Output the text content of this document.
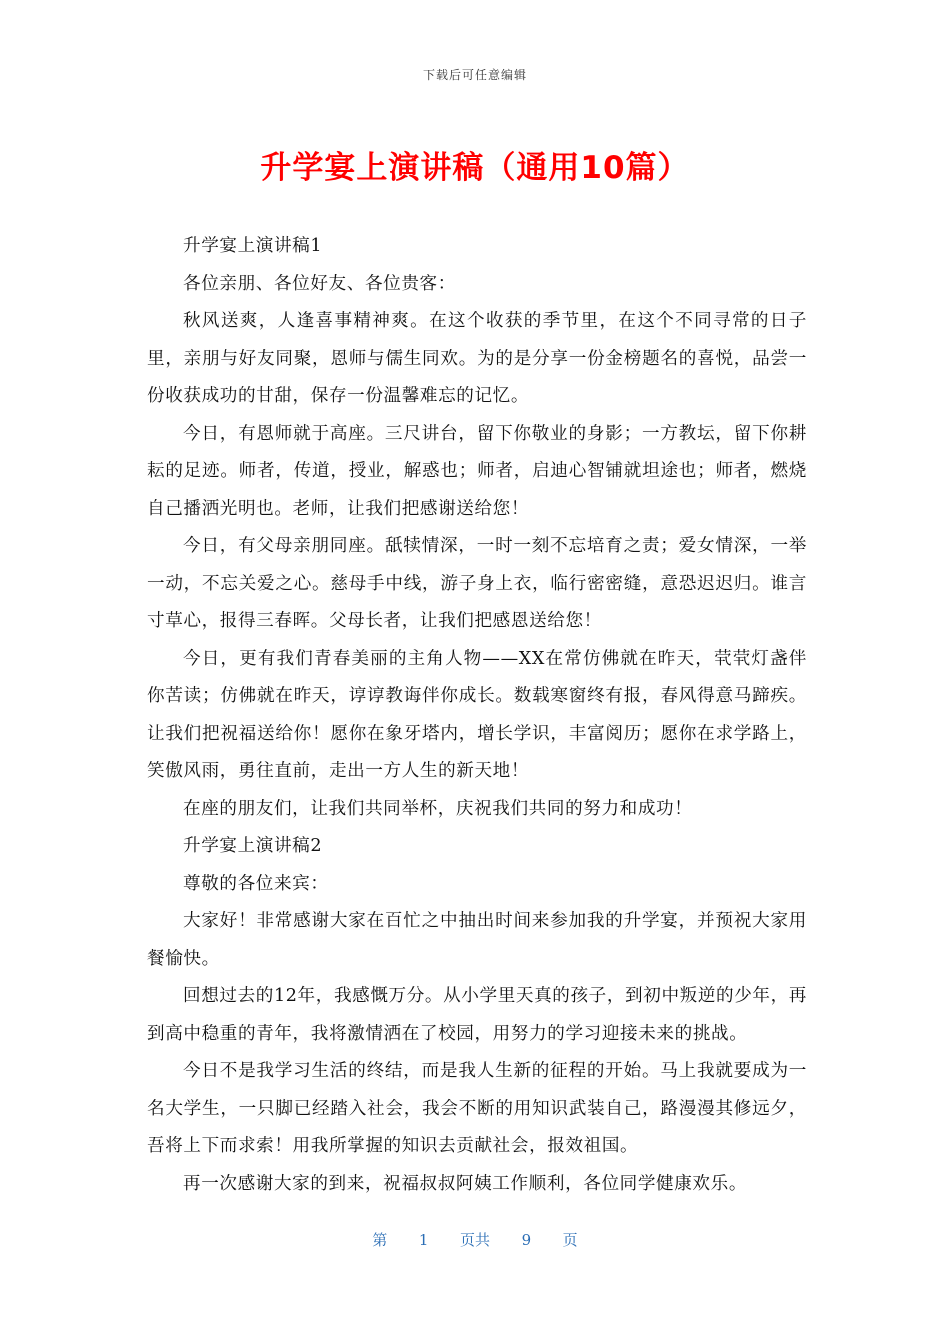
下载后可任意编辑
升学宴上演讲稿（通用10篇）

升学宴上演讲稿1

各位亲朋、各位好友、各位贵客：

秋风送爽，人逢喜事精神爽。在这个收获的季节里，在这个不同寻常的日子里，亲朋与好友同聚，恩师与儒生同欢。为的是分享一份金榜题名的喜悦，品尝一份收获成功的甘甜，保存一份温馨难忘的记忆。

今日，有恩师就于高座。三尺讲台，留下你敬业的身影；一方教坛，留下你耕耘的足迹。师者，传道，授业，解惑也；师者，启迪心智铺就坦途也；师者，燃烧自己播洒光明也。老师，让我们把感谢送给您！

今日，有父母亲朋同座。舐犊情深，一时一刻不忘培育之责；爱女情深，一举一动，不忘关爱之心。慈母手中线，游子身上衣，临行密密缝，意恐迟迟归。谁言寸草心，报得三春晖。父母长者，让我们把感恩送给您！

今日，更有我们青春美丽的主角人物——XX在常仿佛就在昨天，茕茕灯盏伴你苦读；仿佛就在昨天，谆谆教诲伴你成长。数载寒窗终有报，春风得意马蹄疾。让我们把祝福送给你！愿你在象牙塔内，增长学识，丰富阅历；愿你在求学路上，笑傲风雨，勇往直前，走出一方人生的新天地！

在座的朋友们，让我们共同举杯，庆祝我们共同的努力和成功！

升学宴上演讲稿2

尊敬的各位来宾：

大家好！非常感谢大家在百忙之中抽出时间来参加我的升学宴，并预祝大家用餐愉快。

回想过去的12年，我感慨万分。从小学里天真的孩子，到初中叛逆的少年，再到高中稳重的青年，我将激情洒在了校园，用努力的学习迎接未来的挑战。

今日不是我学习生活的终结，而是我人生新的征程的开始。马上我就要成为一名大学生，一只脚已经踏入社会，我会不断的用知识武装自己，路漫漫其修远夕，吾将上下而求索！用我所掌握的知识去贡献社会，报效祖国。

再一次感谢大家的到来，祝福叔叔阿姨工作顺利，各位同学健康欢乐。

第 1 页共 9 页
